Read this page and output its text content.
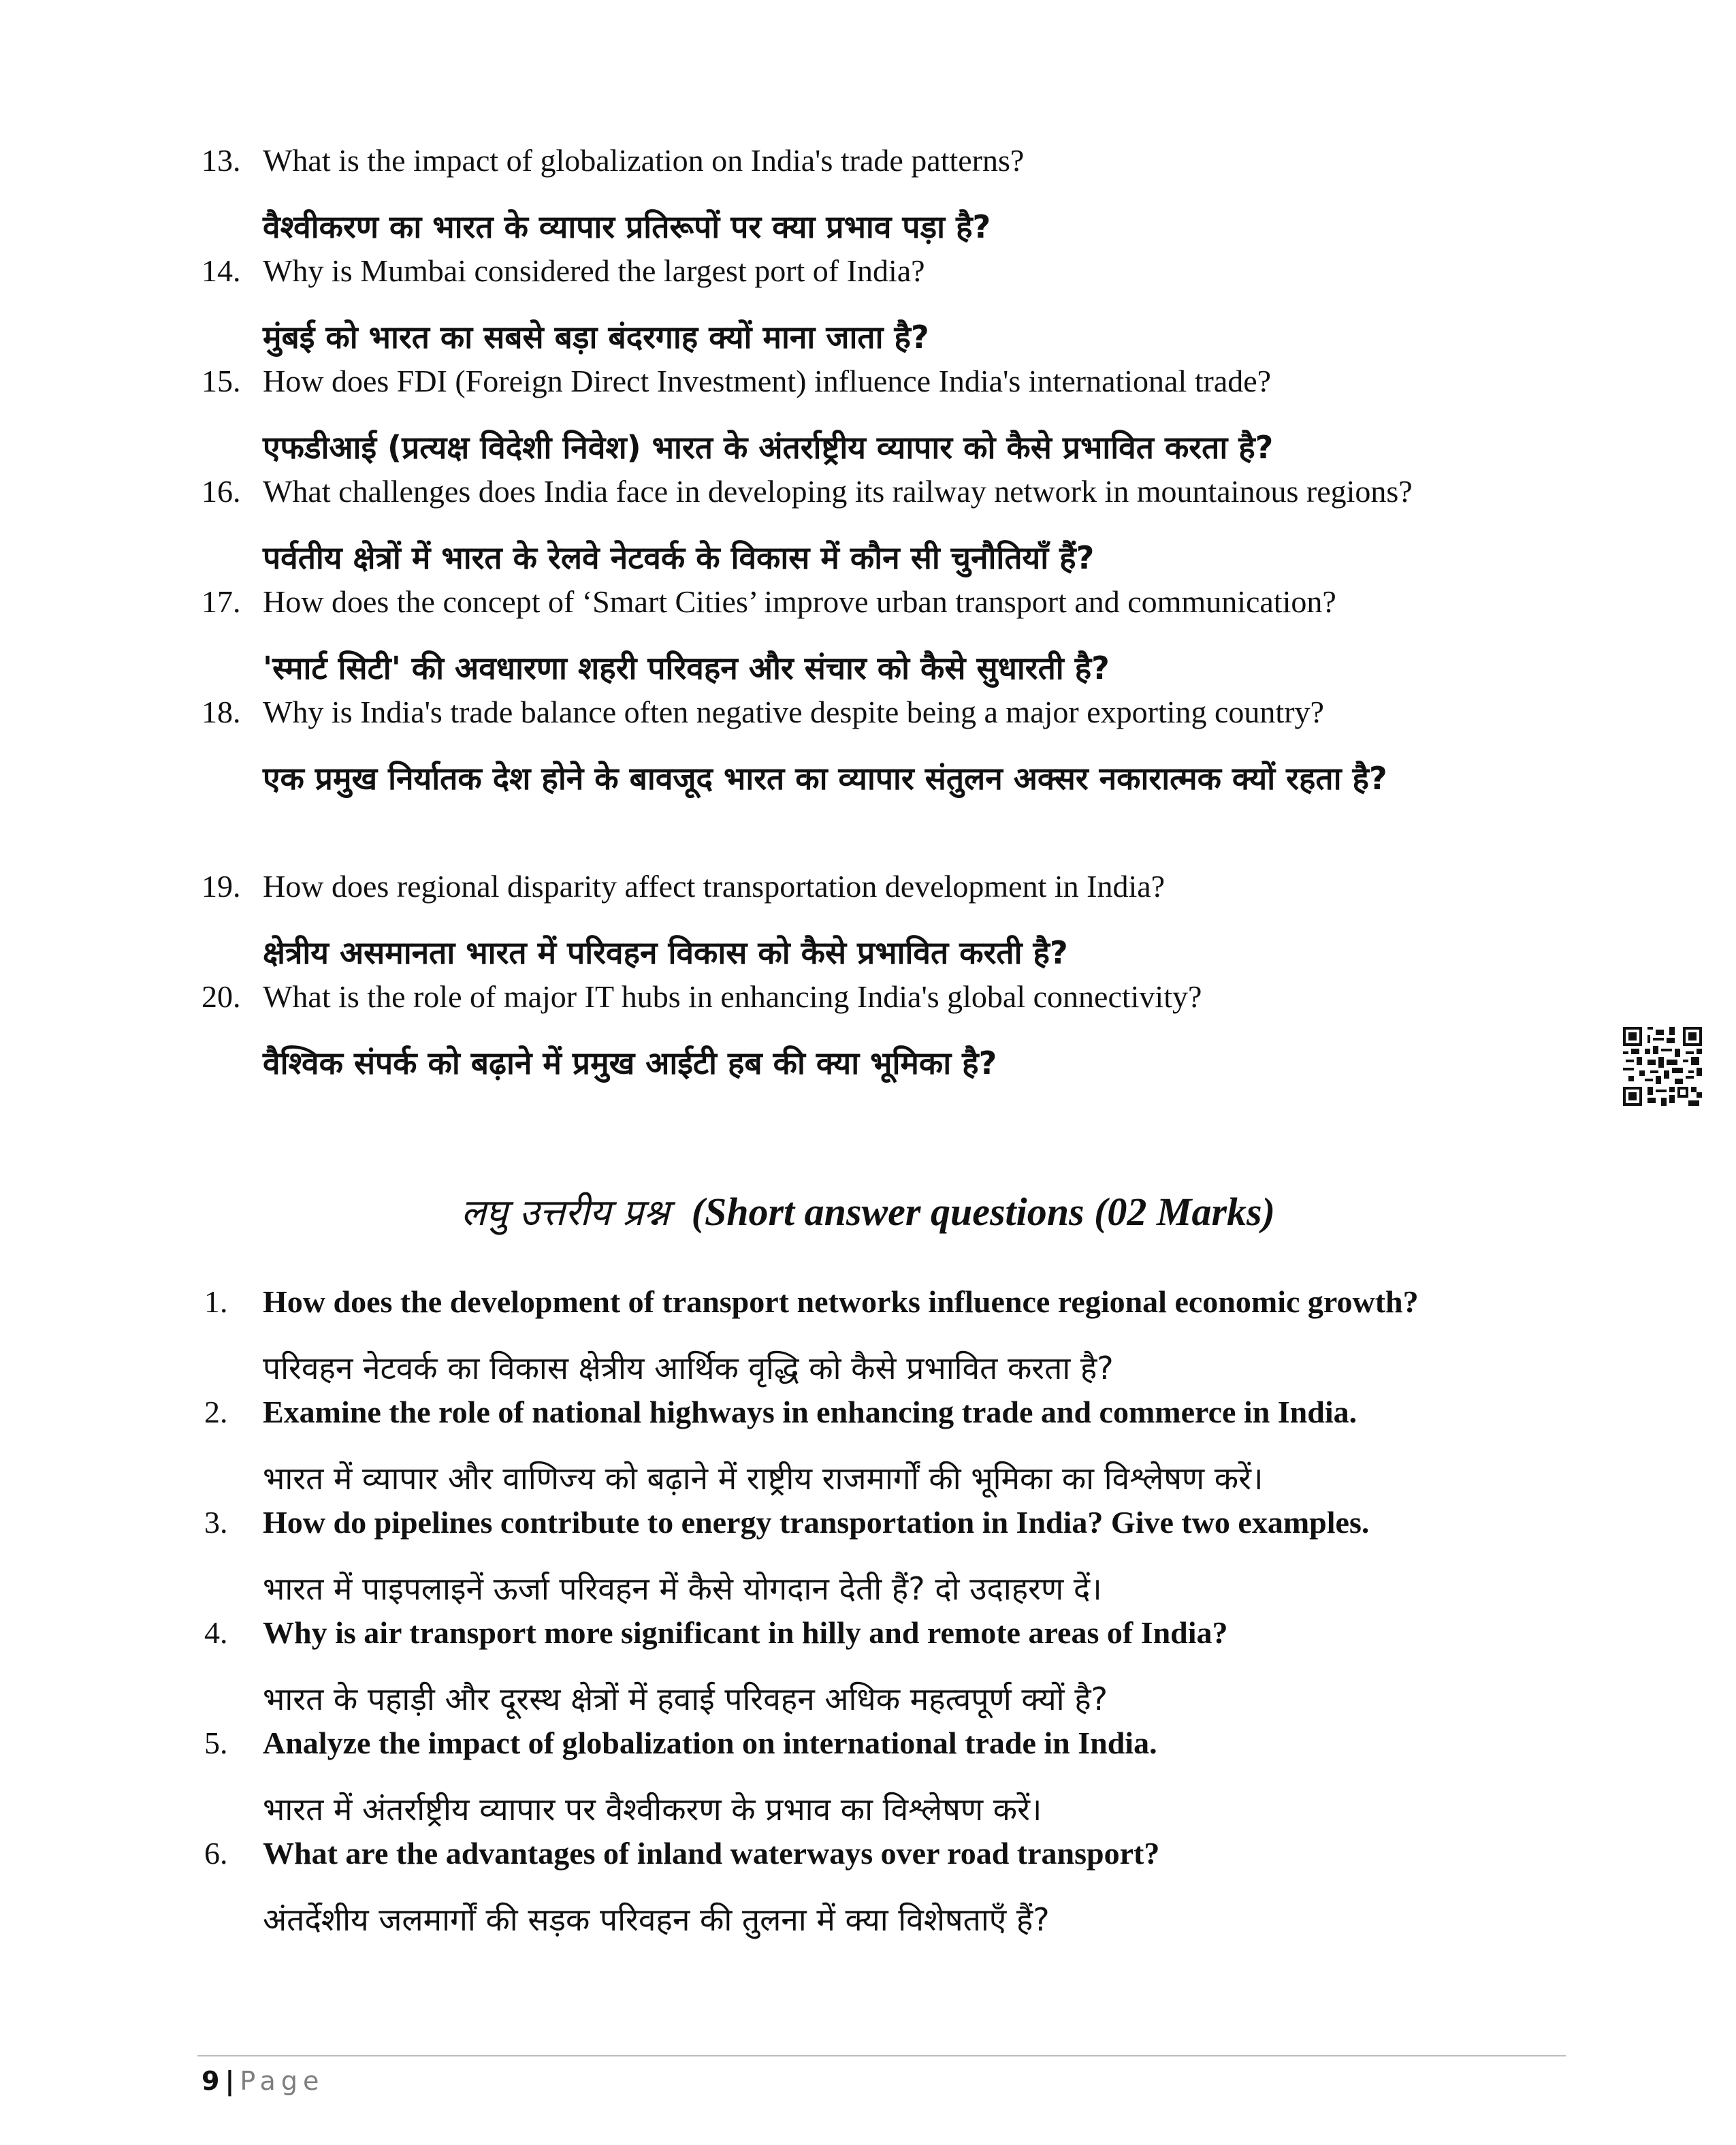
13. What is the impact of globalization on India's trade patterns?
वैश्वीकरण का भारत के व्यापार प्रतिरूपों पर क्या प्रभाव पड़ा है?
14. Why is Mumbai considered the largest port of India?
मुंबई को भारत का सबसे बड़ा बंदरगाह क्यों माना जाता है?
15. How does FDI (Foreign Direct Investment) influence India's international trade?
एफडीआई (प्रत्यक्ष विदेशी निवेश) भारत के अंतर्राष्ट्रीय व्यापार को कैसे प्रभावित करता है?
16. What challenges does India face in developing its railway network in mountainous regions?
पर्वतीय क्षेत्रों में भारत के रेलवे नेटवर्क के विकास में कौन सी चुनौतियाँ हैं?
17. How does the concept of ‘Smart Cities’ improve urban transport and communication?
'स्मार्ट सिटी' की अवधारणा शहरी परिवहन और संचार को कैसे सुधारती है?
18. Why is India's trade balance often negative despite being a major exporting country?
एक प्रमुख निर्यातक देश होने के बावजूद भारत का व्यापार संतुलन अक्सर नकारात्मक क्यों रहता है?
19. How does regional disparity affect transportation development in India?
क्षेत्रीय असमानता भारत में परिवहन विकास को कैसे प्रभावित करती है?
20. What is the role of major IT hubs in enhancing India's global connectivity?
वैश्विक संपर्क को बढ़ाने में प्रमुख आईटी हब की क्या भूमिका है?
लघु उत्तरीय प्रश्न (Short answer questions (02 Marks)
1. How does the development of transport networks influence regional economic growth?
परिवहन नेटवर्क का विकास क्षेत्रीय आर्थिक वृद्धि को कैसे प्रभावित करता है?
2. Examine the role of national highways in enhancing trade and commerce in India.
भारत में व्यापार और वाणिज्य को बढ़ाने में राष्ट्रीय राजमार्गों की भूमिका का विश्लेषण करें।
3. How do pipelines contribute to energy transportation in India? Give two examples.
भारत में पाइपलाइनें ऊर्जा परिवहन में कैसे योगदान देती हैं? दो उदाहरण दें।
4. Why is air transport more significant in hilly and remote areas of India?
भारत के पहाड़ी और दूरस्थ क्षेत्रों में हवाई परिवहन अधिक महत्वपूर्ण क्यों है?
5. Analyze the impact of globalization on international trade in India.
भारत में अंतर्राष्ट्रीय व्यापार पर वैश्वीकरण के प्रभाव का विश्लेषण करें।
6. What are the advantages of inland waterways over road transport?
अंतर्देशीय जलमार्गों की सड़क परिवहन की तुलना में क्या विशेषताएँ हैं?
9 | Page
